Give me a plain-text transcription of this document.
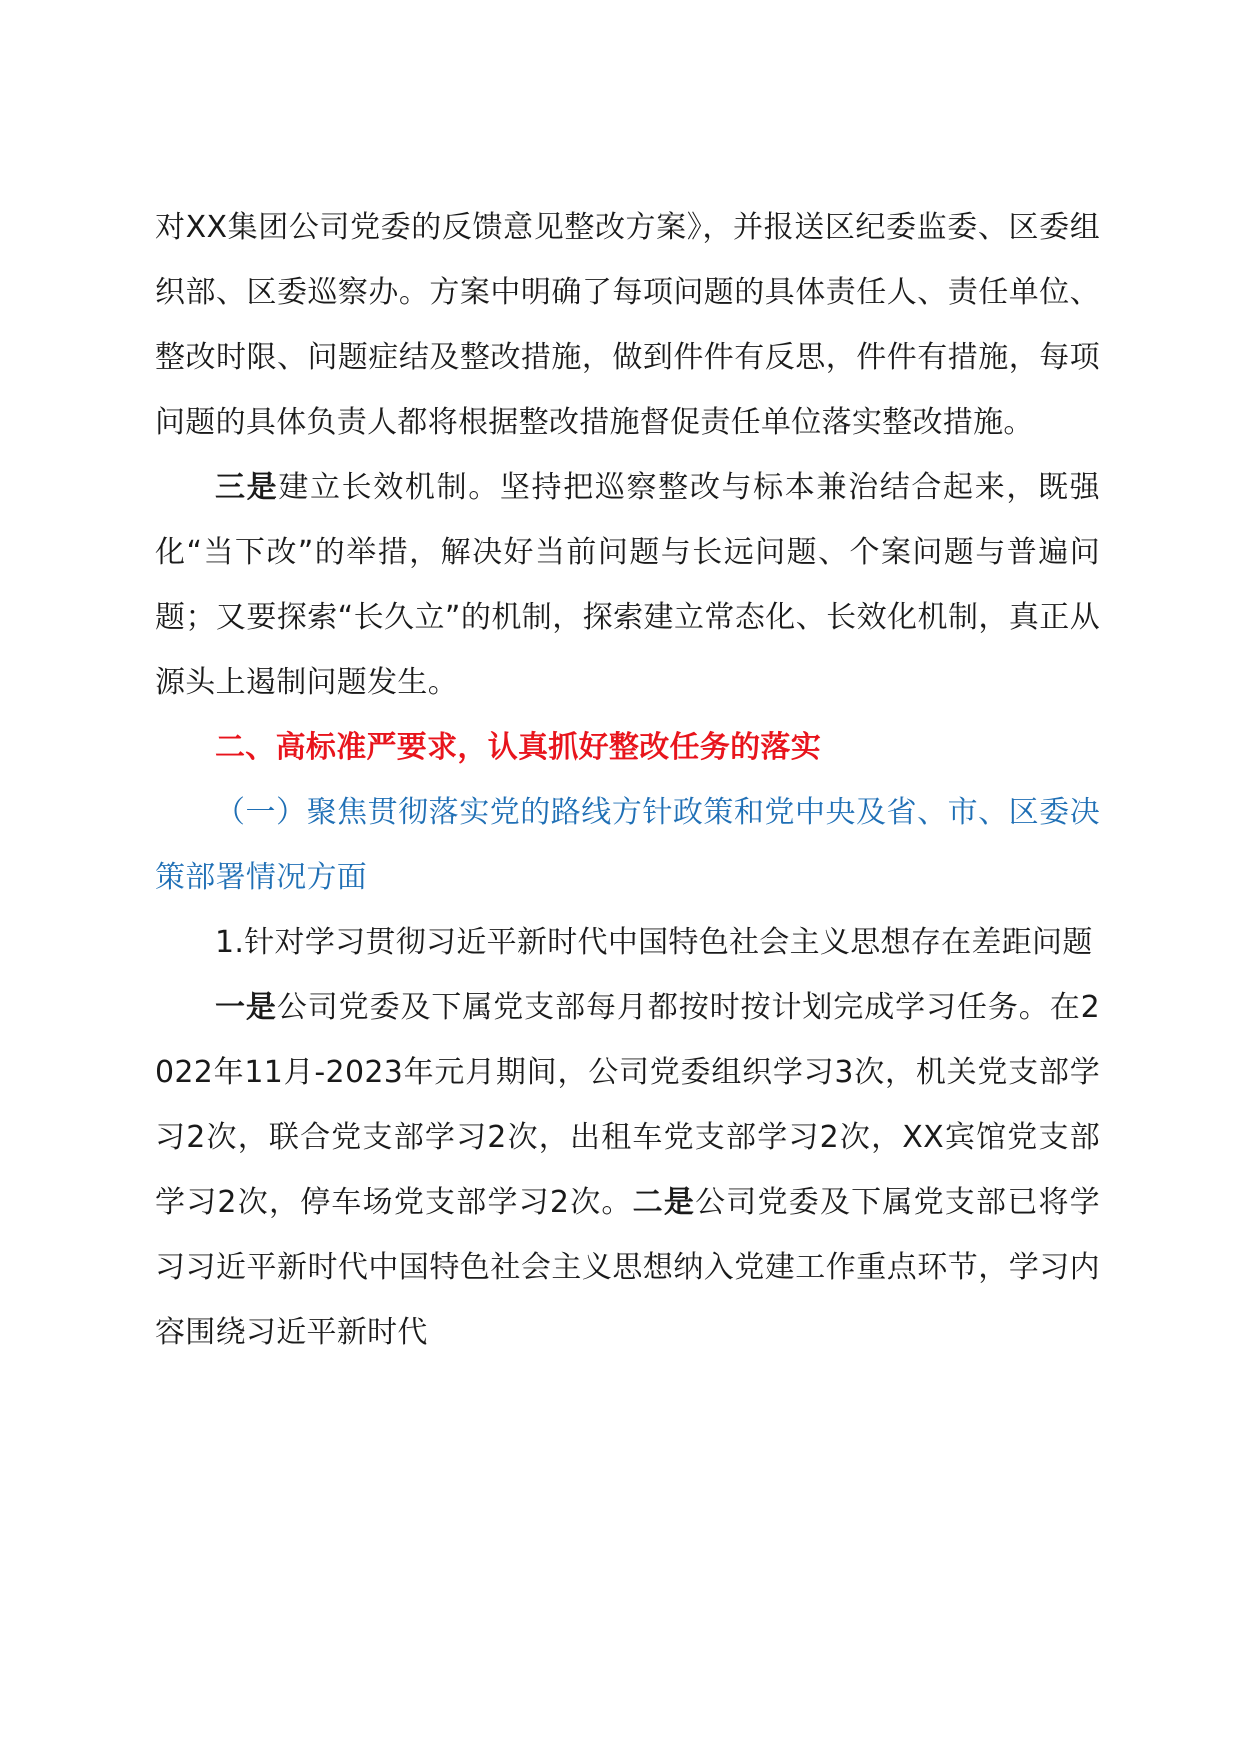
对XX集团公司党委的反馈意见整改方案》，并报送区纪委监委、区委组织部、区委巡察办。方案中明确了每项问题的具体责任人、责任单位、整改时限、问题症结及整改措施，做到件件有反思，件件有措施，每项问题的具体负责人都将根据整改措施督促责任单位落实整改措施。

三是建立长效机制。坚持把巡察整改与标本兼治结合起来，既强化“当下改”的举措，解决好当前问题与长远问题、个案问题与普遍问题；又要探索“长久立”的机制，探索建立常态化、长效化机制，真正从源头上遏制问题发生。

二、高标准严要求，认真抓好整改任务的落实

（一）聚焦贯彻落实党的路线方针政策和党中央及省、市、区委决策部署情况方面

1.针对学习贯彻习近平新时代中国特色社会主义思想存在差距问题

一是公司党委及下属党支部每月都按时按计划完成学习任务。在2022年11月-2023年元月期间，公司党委组织学习3次，机关党支部学习2次，联合党支部学习2次，出租车党支部学习2次，XX宾馆党支部学习2次，停车场党支部学习2次。二是公司党委及下属党支部已将学习习近平新时代中国特色社会主义思想纳入党建工作重点环节，学习内容围绕习近平新时代
